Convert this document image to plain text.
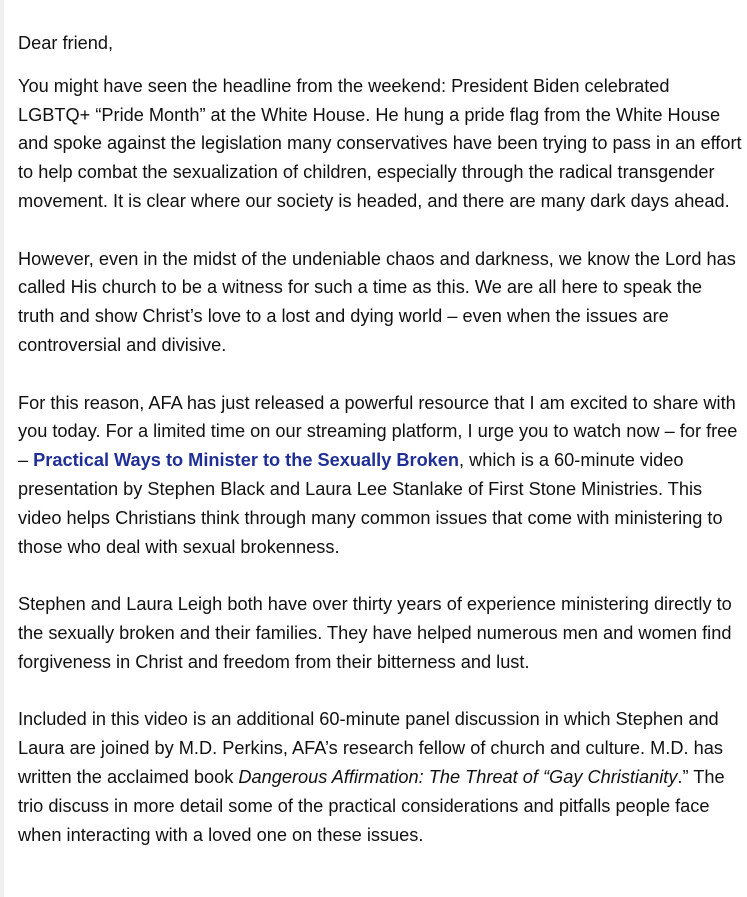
Dear friend,

You might have seen the headline from the weekend: President Biden celebrated LGBTQ+ “Pride Month” at the White House. He hung a pride flag from the White House and spoke against the legislation many conservatives have been trying to pass in an effort to help combat the sexualization of children, especially through the radical transgender movement. It is clear where our society is headed, and there are many dark days ahead.

However, even in the midst of the undeniable chaos and darkness, we know the Lord has called His church to be a witness for such a time as this. We are all here to speak the truth and show Christ’s love to a lost and dying world – even when the issues are controversial and divisive.

For this reason, AFA has just released a powerful resource that I am excited to share with you today. For a limited time on our streaming platform, I urge you to watch now – for free – Practical Ways to Minister to the Sexually Broken, which is a 60-minute video presentation by Stephen Black and Laura Lee Stanlake of First Stone Ministries. This video helps Christians think through many common issues that come with ministering to those who deal with sexual brokenness.

Stephen and Laura Leigh both have over thirty years of experience ministering directly to the sexually broken and their families. They have helped numerous men and women find forgiveness in Christ and freedom from their bitterness and lust.

Included in this video is an additional 60-minute panel discussion in which Stephen and Laura are joined by M.D. Perkins, AFA’s research fellow of church and culture. M.D. has written the acclaimed book Dangerous Affirmation: The Threat of “Gay Christianity.” The trio discuss in more detail some of the practical considerations and pitfalls people face when interacting with a loved one on these issues.
